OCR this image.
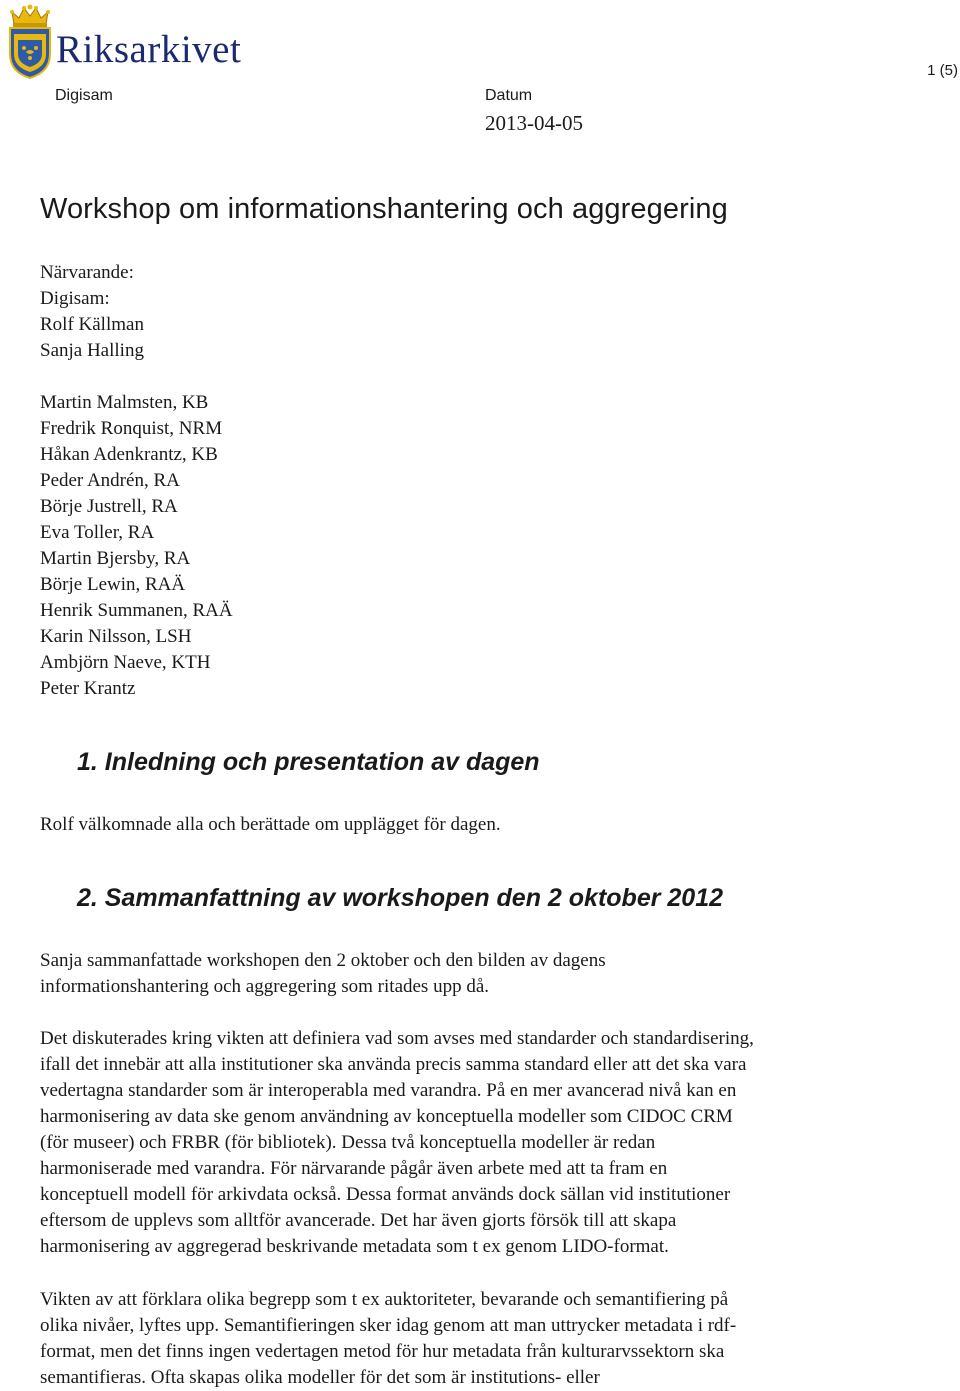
Riksarkivet	1 (5)
Digisam	Datum
2013-04-05
Workshop om informationshantering och aggregering
Närvarande:
Digisam:
Rolf Källman
Sanja Halling
Martin Malmsten, KB
Fredrik Ronquist, NRM
Håkan Adenkrantz, KB
Peder Andrén, RA
Börje Justrell, RA
Eva Toller, RA
Martin Bjersby, RA
Börje Lewin, RAÄ
Henrik Summanen, RAÄ
Karin Nilsson, LSH
Ambjörn Naeve, KTH
Peter Krantz
1. Inledning och presentation av dagen
Rolf välkomnade alla och berättade om upplägget för dagen.
2. Sammanfattning av workshopen den 2 oktober 2012
Sanja sammanfattade workshopen den 2 oktober och den bilden av dagens
informationshantering och aggregering som ritades upp då.
Det diskuterades kring vikten att definiera vad som avses med standarder och standardisering,
ifall det innebär att alla institutioner ska använda precis samma standard eller att det ska vara
vedertagna standarder som är interoperabla med varandra. På en mer avancerad nivå kan en
harmonisering av data ske genom användning av konceptuella modeller som CIDOC CRM
(för museer) och FRBR (för bibliotek). Dessa två konceptuella modeller är redan
harmoniserade med varandra. För närvarande pågår även arbete med att ta fram en
konceptuell modell för arkivdata också. Dessa format används dock sällan vid institutioner
eftersom de upplevs som alltför avancerade. Det har även gjorts försök till att skapa
harmonisering av aggregerad beskrivande metadata som t ex genom LIDO-format.
Vikten av att förklara olika begrepp som t ex auktoriteter, bevarande och semantifiering på
olika nivåer, lyftes upp. Semantifieringen sker idag genom att man uttrycker metadata i rdf-
format, men det finns ingen vedertagen metod för hur metadata från kulturarvssektorn ska
semantifieras. Ofta skapas olika modeller för det som är institutions- eller
